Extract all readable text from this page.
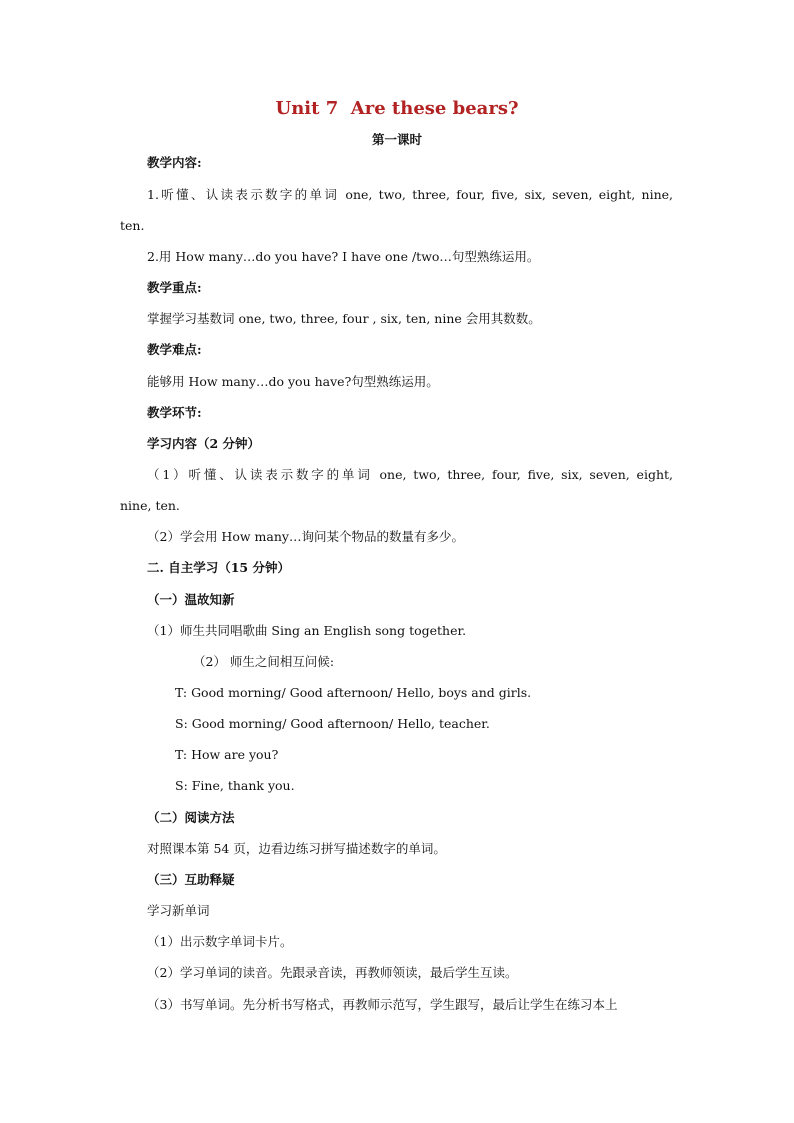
Unit 7  Are these bears?
第一课时
教学内容:
1.听懂、认读表示数字的单词 one, two, three, four, five, six, seven, eight, nine,
ten.
2.用 How many…do you have? I have one /two…句型熟练运用。
教学重点:
掌握学习基数词 one, two, three, four , six, ten, nine 会用其数数。
教学难点:
能够用 How many…do you have?句型熟练运用。
教学环节:
学习内容（2 分钟）
（1）听懂、认读表示数字的单词 one, two, three, four, five, six, seven, eight,
nine, ten.
（2）学会用 How many…询问某个物品的数量有多少。
二. 自主学习（15 分钟）
（一）温故知新
（1）师生共同唱歌曲 Sing an English song together.
（2） 师生之间相互问候:
T: Good morning/ Good afternoon/ Hello, boys and girls.
S: Good morning/ Good afternoon/ Hello, teacher.
T: How are you?
S: Fine, thank you.
（二）阅读方法
对照课本第 54 页，边看边练习拼写描述数字的单词。
（三）互助释疑
学习新单词
（1）出示数字单词卡片。
（2）学习单词的读音。先跟录音读，再教师领读，最后学生互读。
（3）书写单词。先分析书写格式，再教师示范写，学生跟写，最后让学生在练习本上
